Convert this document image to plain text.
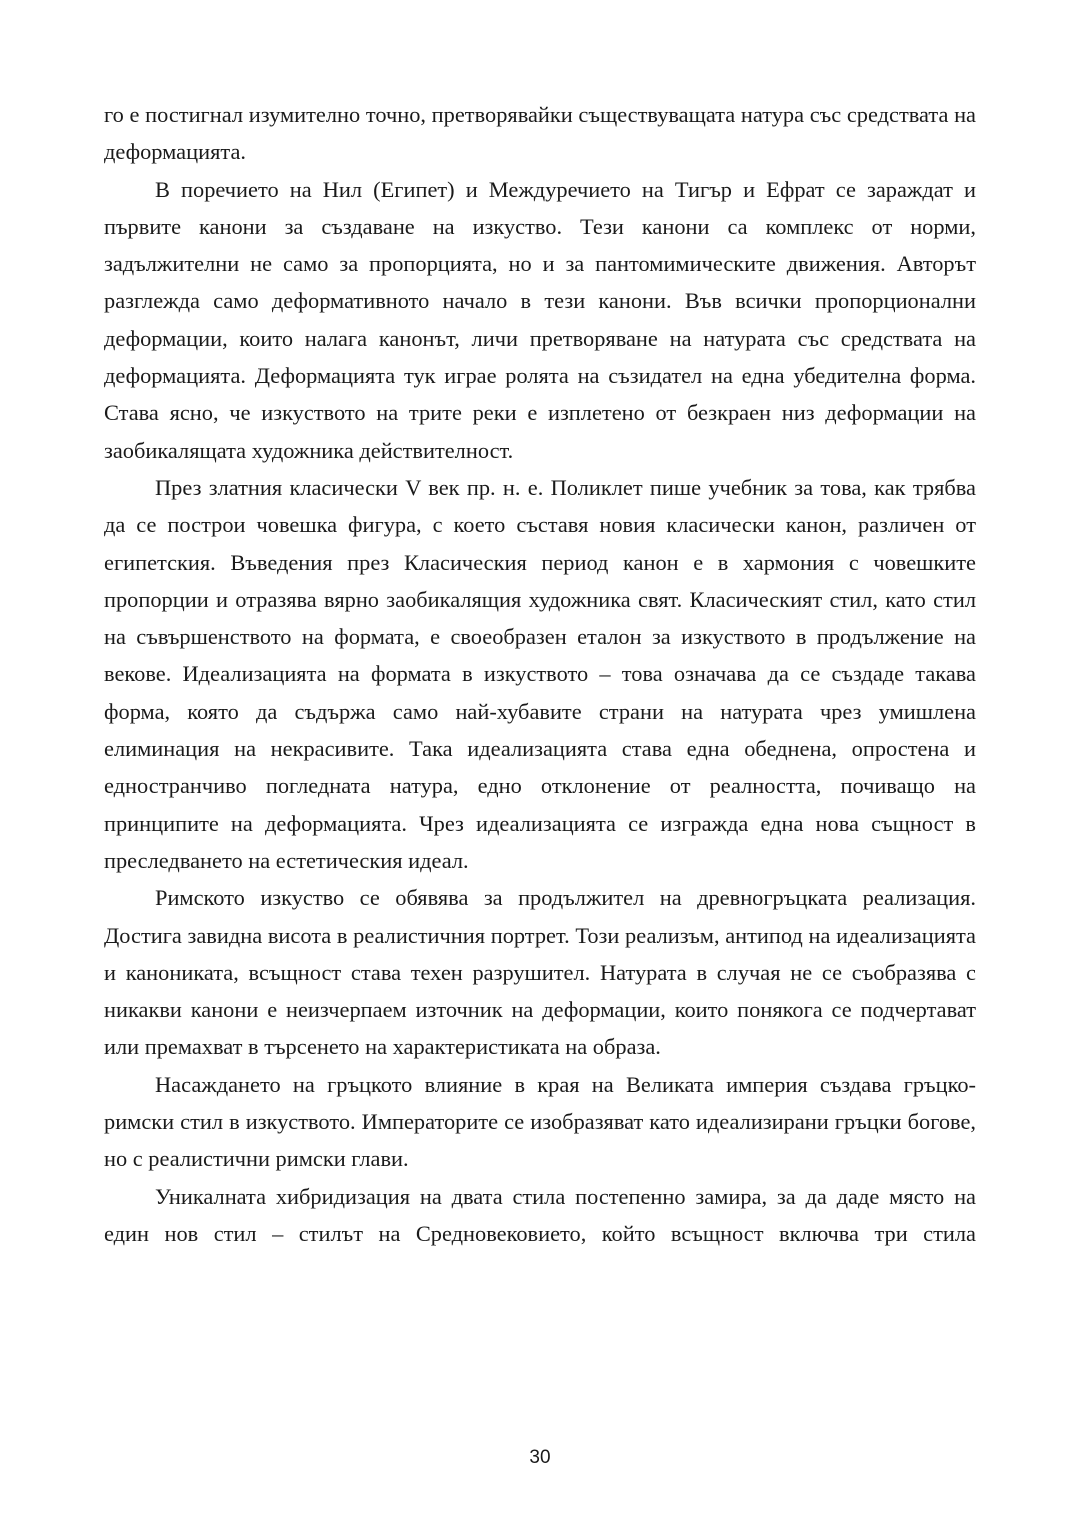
го е постигнал изумително точно, претворявайки съществуващата натура със средствата на деформацията.

В поречието на Нил (Египет) и Междуречието на Тигър и Ефрат се зараждат и първите канони за създаване на изкуство. Тези канони са комплекс от норми, задължителни не само за пропорцията, но и за пантомимическите движения. Авторът разглежда само деформативното начало в тези канони. Във всички пропорционални деформации, които налага канонът, личи претворяване на натурата със средствата на деформацията. Деформацията тук играе ролята на съзидател на една убедителна форма. Става ясно, че изкуството на трите реки е изплетено от безкраен низ деформации на заобикалящата художника действителност.

През златния класически V век пр. н. е. Поликлет пише учебник за това, как трябва да се построи човешка фигура, с което съставя новия класически канон, различен от египетския. Въведения през Класическия период канон е в хармония с човешките пропорции и отразява вярно заобикалящия художника свят. Класическият стил, като стил на съвършенството на формата, е своеобразен еталон за изкуството в продължение на векове. Идеализацията на формата в изкуството – това означава да се създаде такава форма, която да съдържа само най-хубавите страни на натурата чрез умишлена елиминация на некрасивите. Така идеализацията става една обеднена, опростена и едностранчиво погледната натура, едно отклонение от реалността, почиващо на принципите на деформацията. Чрез идеализацията се изгражда една нова същност в преследването на естетическия идеал.

Римското изкуство се обявява за продължител на древногръцката реализация. Достига завидна висота в реалистичния портрет. Този реализъм, антипод на идеализацията и канониката, всъщност става техен разрушител. Натурата в случая не се съобразява с никакви канони е неизчерпаем източник на деформации, които понякога се подчертават или премахват в търсенето на характеристиката на образа.

Насаждането на гръцкото влияние в края на Великата империя създава гръцко-римски стил в изкуството. Императорите се изобразяват като идеализирани гръцки богове, но с реалистични римски глави.

Уникалната хибридизация на двата стила постепенно замира, за да даде място на един нов стил – стилът на Средновековието, който всъщност включва три стила

30
